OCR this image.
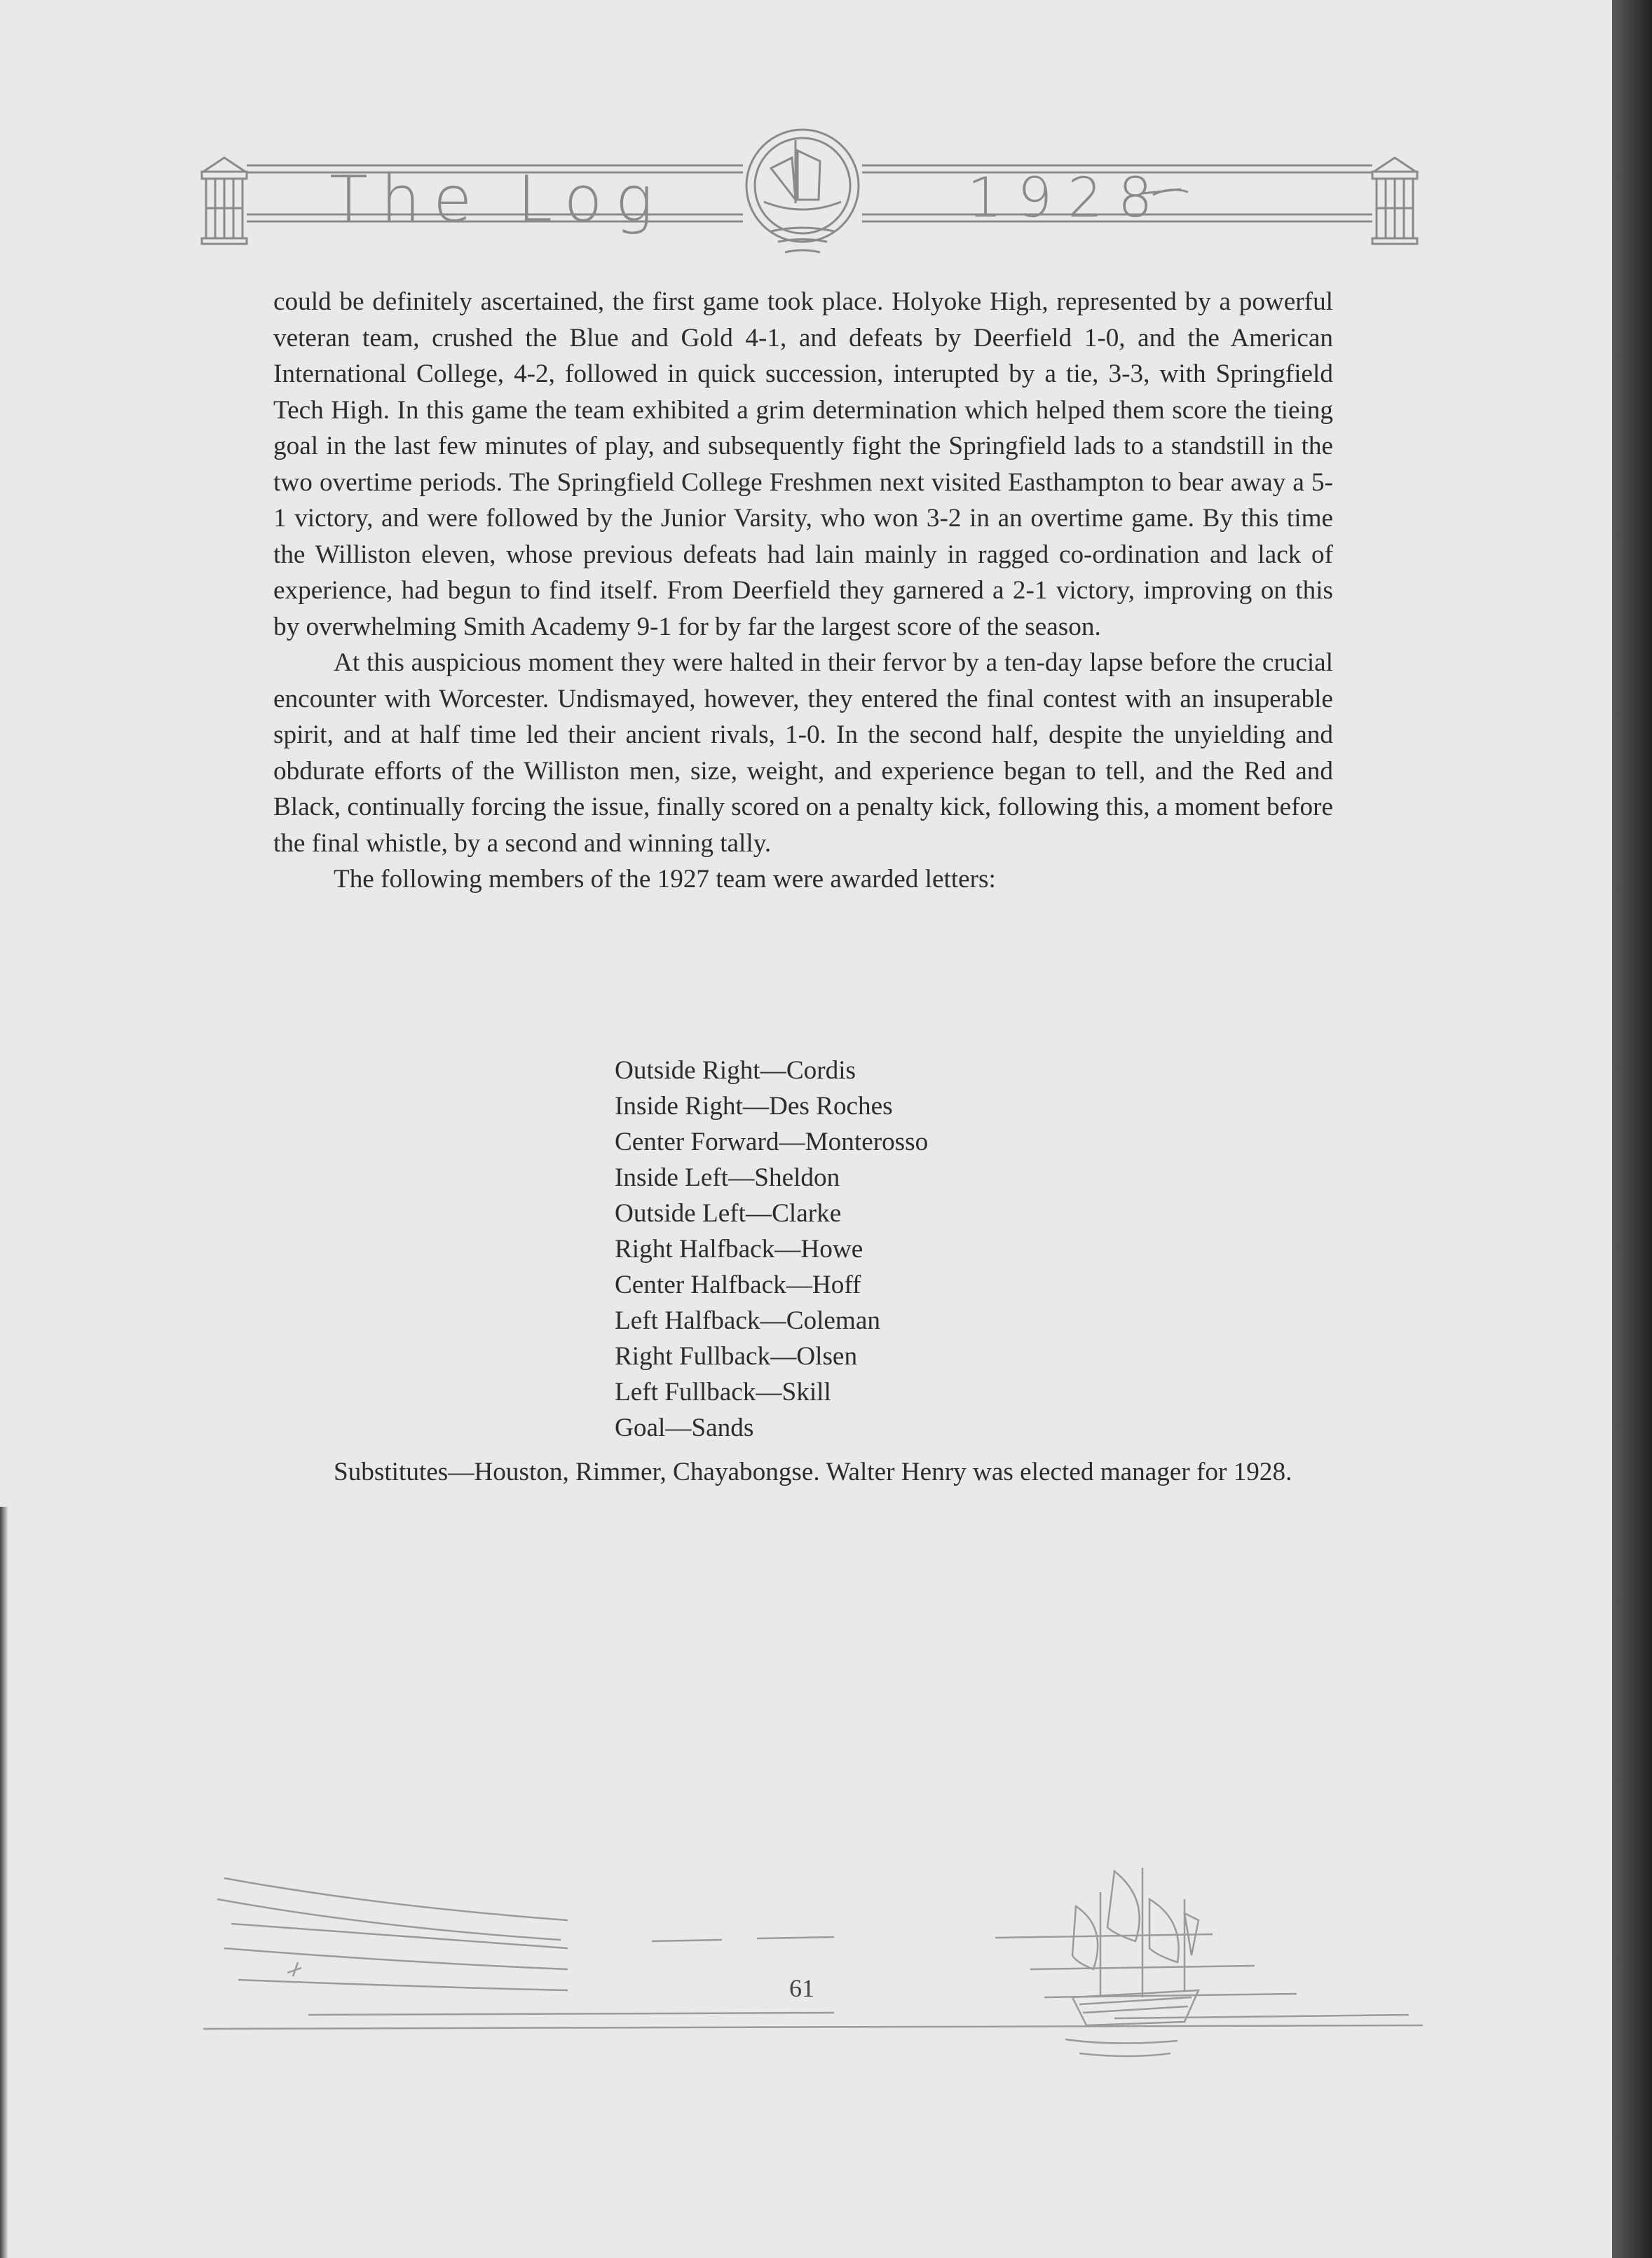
The Log	1928

could be definitely ascertained, the first game took place. Holyoke High, represented by a powerful veteran team, crushed the Blue and Gold 4-1, and defeats by Deerfield 1-0, and the American International College, 4-2, followed in quick succession, interupted by a tie, 3-3, with Springfield Tech High. In this game the team exhibited a grim determination which helped them score the tieing goal in the last few minutes of play, and subsequently fight the Springfield lads to a standstill in the two overtime periods. The Springfield College Freshmen next visited Easthampton to bear away a 5-1 victory, and were followed by the Junior Varsity, who won 3-2 in an overtime game. By this time the Williston eleven, whose previous defeats had lain mainly in ragged co-ordination and lack of experience, had begun to find itself. From Deerfield they garnered a 2-1 victory, improving on this by overwhelming Smith Academy 9-1 for by far the largest score of the season.

At this auspicious moment they were halted in their fervor by a ten-day lapse before the crucial encounter with Worcester. Undismayed, however, they entered the final contest with an insuperable spirit, and at half time led their ancient rivals, 1-0. In the second half, despite the unyielding and obdurate efforts of the Williston men, size, weight, and experience began to tell, and the Red and Black, continually forcing the issue, finally scored on a penalty kick, following this, a moment before the final whistle, by a second and winning tally.

The following members of the 1927 team were awarded letters:

Outside Right—Cordis
Inside Right—Des Roches
Center Forward—Monterosso
Inside Left—Sheldon
Outside Left—Clarke
Right Halfback—Howe
Center Halfback—Hoff
Left Halfback—Coleman
Right Fullback—Olsen
Left Fullback—Skill
Goal—Sands

Substitutes—Houston, Rimmer, Chayabongse. Walter Henry was elected manager for 1928.

61
